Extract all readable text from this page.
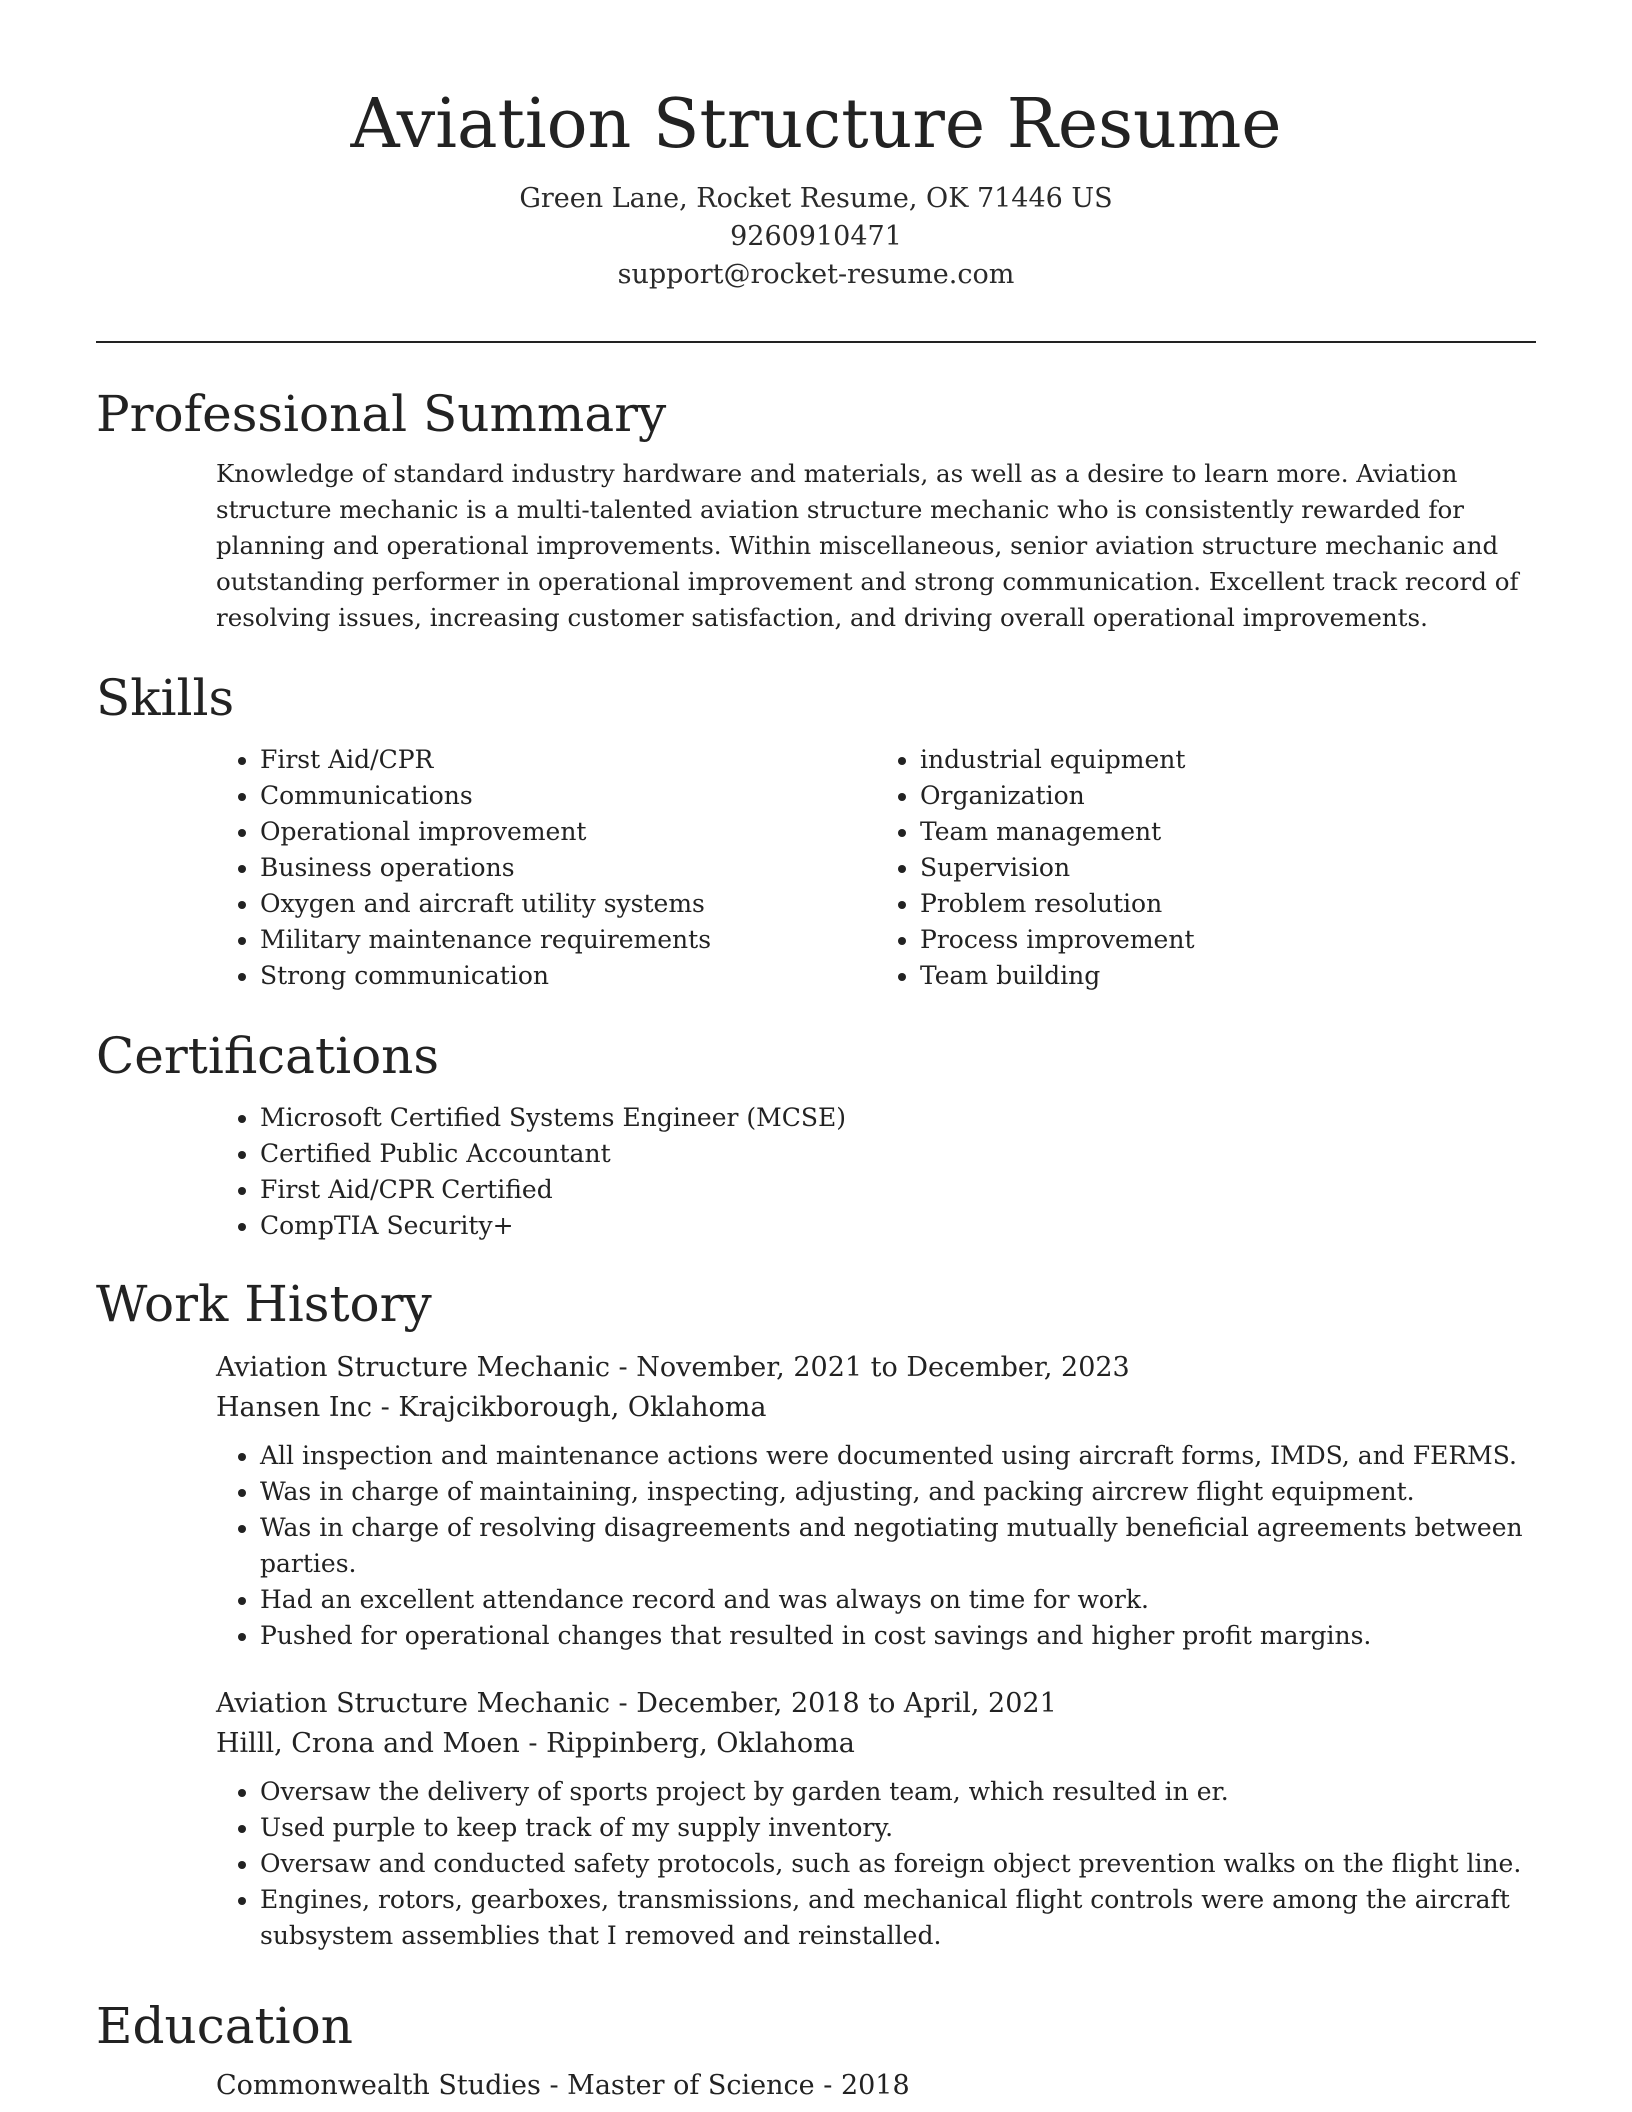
Aviation Structure Resume
Green Lane, Rocket Resume, OK 71446 US
9260910471
support@rocket-resume.com
Professional Summary
Knowledge of standard industry hardware and materials, as well as a desire to learn more. Aviation structure mechanic is a multi-talented aviation structure mechanic who is consistently rewarded for planning and operational improvements. Within miscellaneous, senior aviation structure mechanic and outstanding performer in operational improvement and strong communication. Excellent track record of resolving issues, increasing customer satisfaction, and driving overall operational improvements.
Skills
• First Aid/CPR
• Communications
• Operational improvement
• Business operations
• Oxygen and aircraft utility systems
• Military maintenance requirements
• Strong communication
• industrial equipment
• Organization
• Team management
• Supervision
• Problem resolution
• Process improvement
• Team building
Certifications
• Microsoft Certified Systems Engineer (MCSE)
• Certified Public Accountant
• First Aid/CPR Certified
• CompTIA Security+
Work History
Aviation Structure Mechanic - November, 2021 to December, 2023
Hansen Inc - Krajcikborough, Oklahoma
• All inspection and maintenance actions were documented using aircraft forms, IMDS, and FERMS.
• Was in charge of maintaining, inspecting, adjusting, and packing aircrew flight equipment.
• Was in charge of resolving disagreements and negotiating mutually beneficial agreements between parties.
• Had an excellent attendance record and was always on time for work.
• Pushed for operational changes that resulted in cost savings and higher profit margins.
Aviation Structure Mechanic - December, 2018 to April, 2021
Hilll, Crona and Moen - Rippinberg, Oklahoma
• Oversaw the delivery of sports project by garden team, which resulted in er.
• Used purple to keep track of my supply inventory.
• Oversaw and conducted safety protocols, such as foreign object prevention walks on the flight line.
• Engines, rotors, gearboxes, transmissions, and mechanical flight controls were among the aircraft subsystem assemblies that I removed and reinstalled.
Education
Commonwealth Studies - Master of Science - 2018
